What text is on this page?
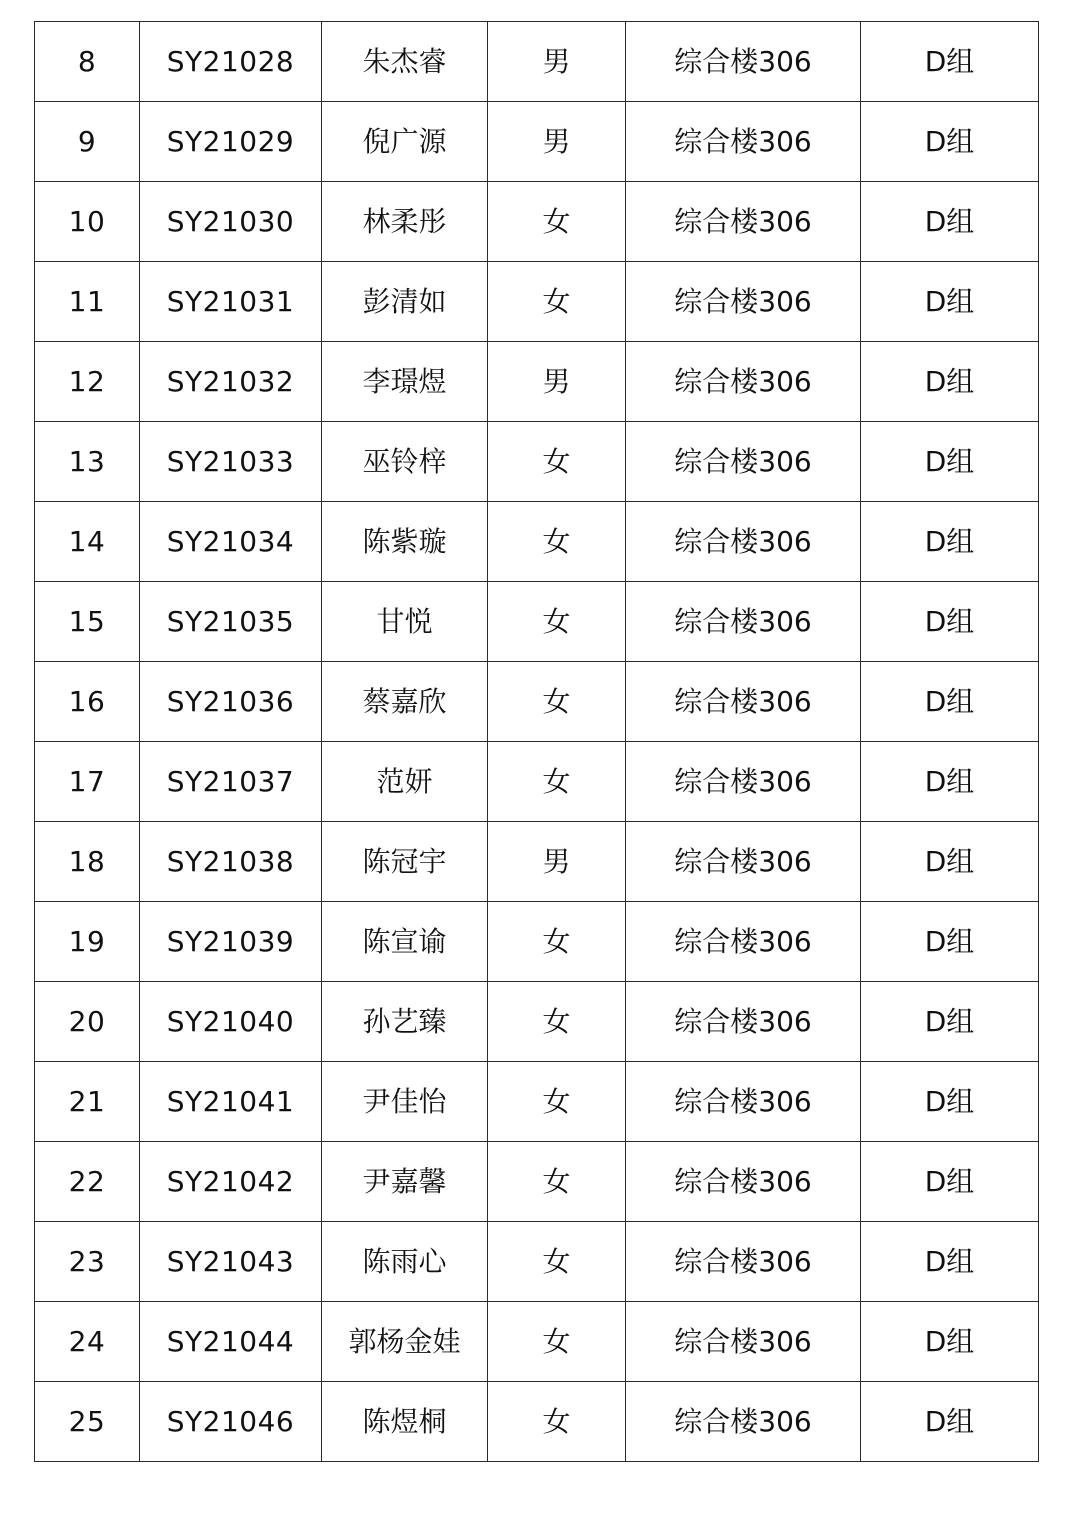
8	SY21028	朱杰睿	男	综合楼306	D组
9	SY21029	倪广源	男	综合楼306	D组
10	SY21030	林柔彤	女	综合楼306	D组
11	SY21031	彭清如	女	综合楼306	D组
12	SY21032	李璟煜	男	综合楼306	D组
13	SY21033	巫铃梓	女	综合楼306	D组
14	SY21034	陈紫璇	女	综合楼306	D组
15	SY21035	甘悦	女	综合楼306	D组
16	SY21036	蔡嘉欣	女	综合楼306	D组
17	SY21037	范妍	女	综合楼306	D组
18	SY21038	陈冠宇	男	综合楼306	D组
19	SY21039	陈宣谕	女	综合楼306	D组
20	SY21040	孙艺臻	女	综合楼306	D组
21	SY21041	尹佳怡	女	综合楼306	D组
22	SY21042	尹嘉馨	女	综合楼306	D组
23	SY21043	陈雨心	女	综合楼306	D组
24	SY21044	郭杨金娃	女	综合楼306	D组
25	SY21046	陈煜桐	女	综合楼306	D组
